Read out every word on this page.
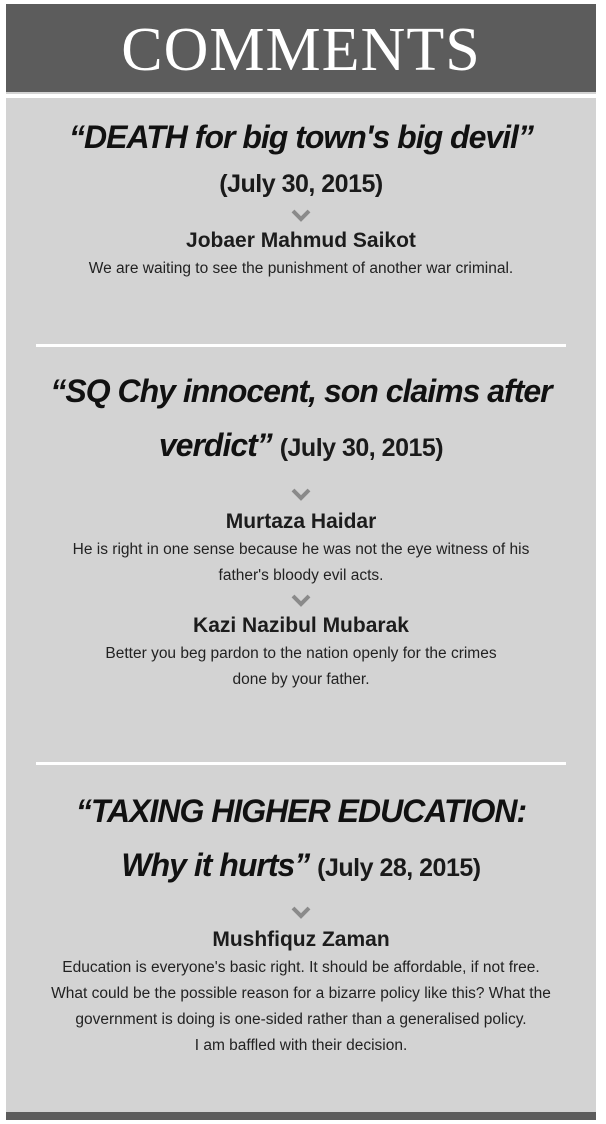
COMMENTS
“DEATH for big town's big devil”
(July 30, 2015)
Jobaer Mahmud Saikot
We are waiting to see the punishment of another war criminal.
“SQ Chy innocent, son claims after
verdict” (July 30, 2015)
Murtaza Haidar
He is right in one sense because he was not the eye witness of his
father's bloody evil acts.
Kazi Nazibul Mubarak
Better you beg pardon to the nation openly for the crimes
done by your father.
“TAXING HIGHER EDUCATION:
Why it hurts” (July 28, 2015)
Mushfiquz Zaman
Education is everyone's basic right. It should be affordable, if not free.
What could be the possible reason for a bizarre policy like this? What the
government is doing is one-sided rather than a generalised policy.
I am baffled with their decision.
